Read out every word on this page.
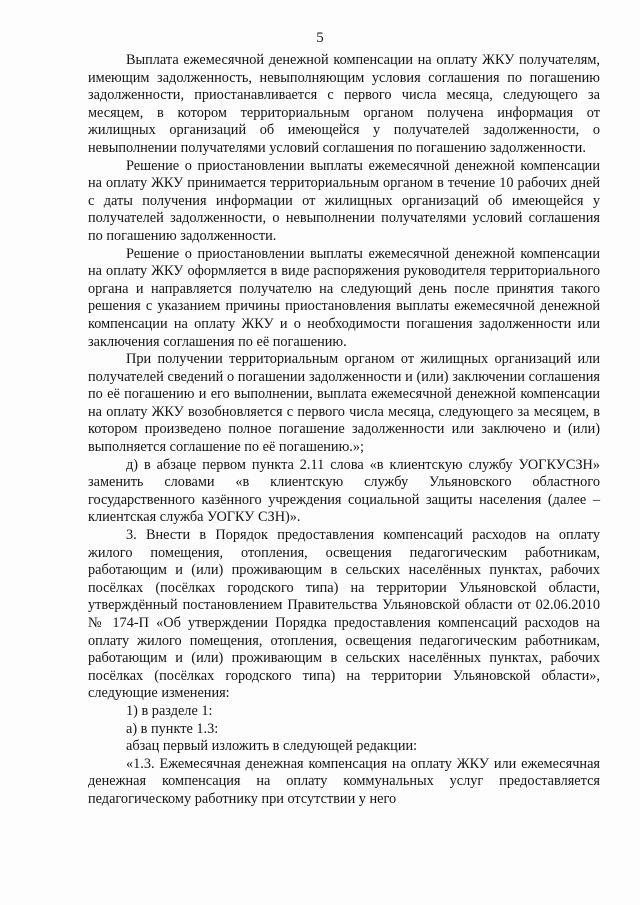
5

Выплата ежемесячной денежной компенсации на оплату ЖКУ получателям, имеющим задолженность, невыполняющим условия соглашения по погашению задолженности, приостанавливается с первого числа месяца, следующего за месяцем, в котором территориальным органом получена информация от жилищных организаций об имеющейся у получателей задолженности, о невыполнении получателями условий соглашения по погашению задолженности.

Решение о приостановлении выплаты ежемесячной денежной компенсации на оплату ЖКУ принимается территориальным органом в течение 10 рабочих дней с даты получения информации от жилищных организаций об имеющейся у получателей задолженности, о невыполнении получателями условий соглашения по погашению задолженности.

Решение о приостановлении выплаты ежемесячной денежной компенсации на оплату ЖКУ оформляется в виде распоряжения руководителя территориального органа и направляется получателю на следующий день после принятия такого решения с указанием причины приостановления выплаты ежемесячной денежной компенсации на оплату ЖКУ и о необходимости погашения задолженности или заключения соглашения по её погашению.

При получении территориальным органом от жилищных организаций или получателей сведений о погашении задолженности и (или) заключении соглашения по её погашению и его выполнении, выплата ежемесячной денежной компенсации на оплату ЖКУ возобновляется с первого числа месяца, следующего за месяцем, в котором произведено полное погашение задолженности или заключено и (или) выполняется соглашение по её погашению.»;

д) в абзаце первом пункта 2.11 слова «в клиентскую службу УОГКУСЗН» заменить словами «в клиентскую службу Ульяновского областного государственного казённого учреждения социальной защиты населения (далее – клиентская служба УОГКУ СЗН)».

3. Внести в Порядок предоставления компенсаций расходов на оплату жилого помещения, отопления, освещения педагогическим работникам, работающим и (или) проживающим в сельских населённых пунктах, рабочих посёлках (посёлках городского типа) на территории Ульяновской области, утверждённый постановлением Правительства Ульяновской области от 02.06.2010 № 174-П «Об утверждении Порядка предоставления компенсаций расходов на оплату жилого помещения, отопления, освещения педагогическим работникам, работающим и (или) проживающим в сельских населённых пунктах, рабочих посёлках (посёлках городского типа) на территории Ульяновской области», следующие изменения:

1) в разделе 1:

а) в пункте 1.3:

абзац первый изложить в следующей редакции:

«1.3. Ежемесячная денежная компенсация на оплату ЖКУ или ежемесячная денежная компенсация на оплату коммунальных услуг предоставляется педагогическому работнику при отсутствии у него
